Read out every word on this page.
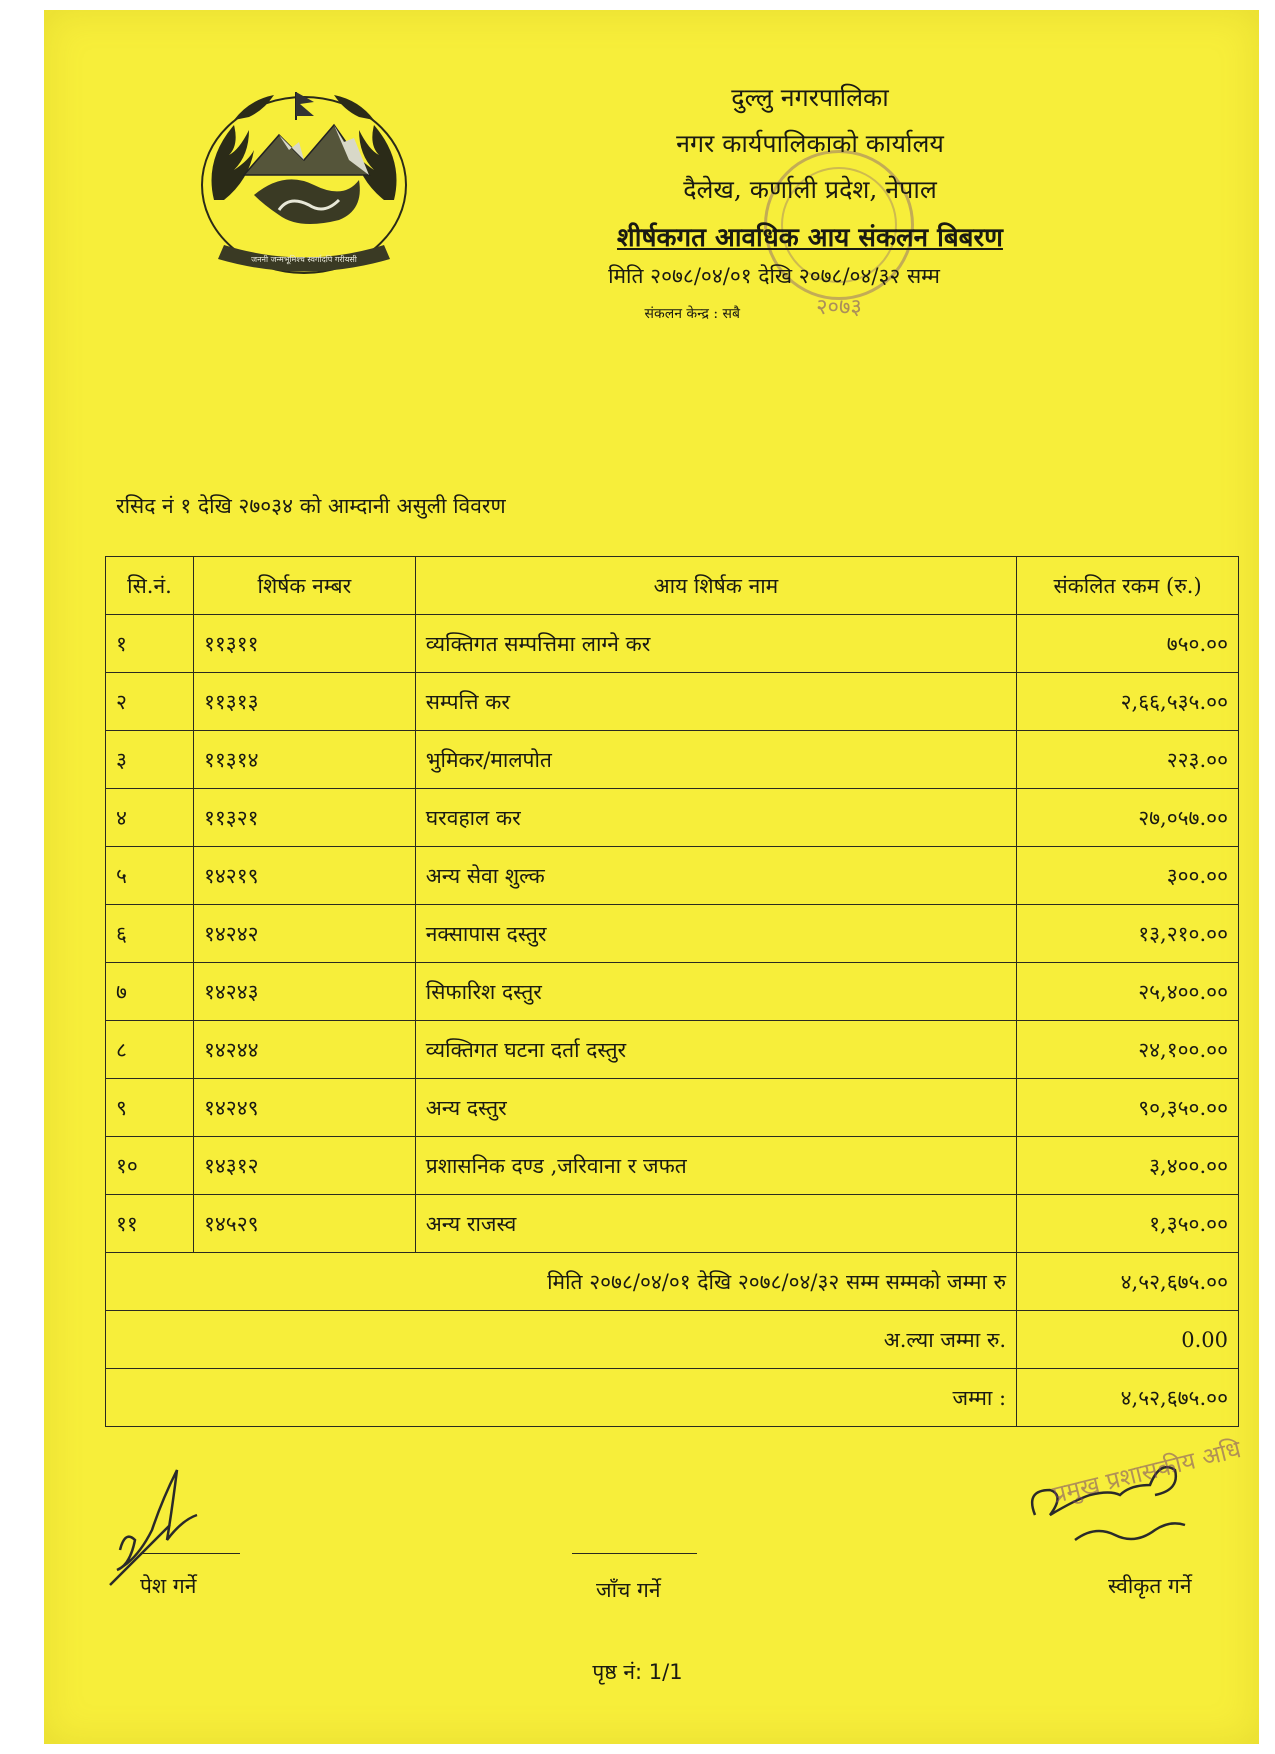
जननी जन्मभूमिश्च स्वर्गादपि गरीयसी
२०७३
दुल्लु नगरपालिका
नगर कार्यपालिकाको कार्यालय
दैलेख, कर्णाली प्रदेश, नेपाल
शीर्षकगत आवधिक आय संकलन बिबरण
मिति २०७८/०४/०१ देखि २०७८/०४/३२ सम्म
संकलन केन्द्र : सबै
रसिद नं १ देखि २७०३४ को आम्दानी असुली विवरण
सि.नं.	शिर्षक नम्बर	आय शिर्षक नाम	संकलित रकम (रु.)
१	११३११	व्यक्तिगत सम्पत्तिमा लाग्ने कर	७५०.००
२	११३१३	सम्पत्ति कर	२,६६,५३५.००
३	११३१४	भुमिकर/मालपोत	२२३.००
४	११३२१	घरवहाल कर	२७,०५७.००
५	१४२१९	अन्य सेवा शुल्क	३००.००
६	१४२४२	नक्सापास दस्तुर	१३,२१०.००
७	१४२४३	सिफारिश दस्तुर	२५,४००.००
८	१४२४४	व्यक्तिगत घटना दर्ता दस्तुर	२४,१००.००
९	१४२४९	अन्य दस्तुर	९०,३५०.००
१०	१४३१२	प्रशासनिक दण्ड ,जरिवाना र जफत	३,४००.००
११	१४५२९	अन्य राजस्व	१,३५०.००
मिति २०७८/०४/०१ देखि २०७८/०४/३२ सम्म सम्मको जम्मा रु			४,५२,६७५.००
अ.ल्या जम्मा रु.			0.00
जम्मा :			४,५२,६७५.००
पेश गर्ने	जाँच गर्ने
प्रमुख प्रशासकीय अधि
स्वीकृत गर्ने
पृष्ठ नं: 1/1
